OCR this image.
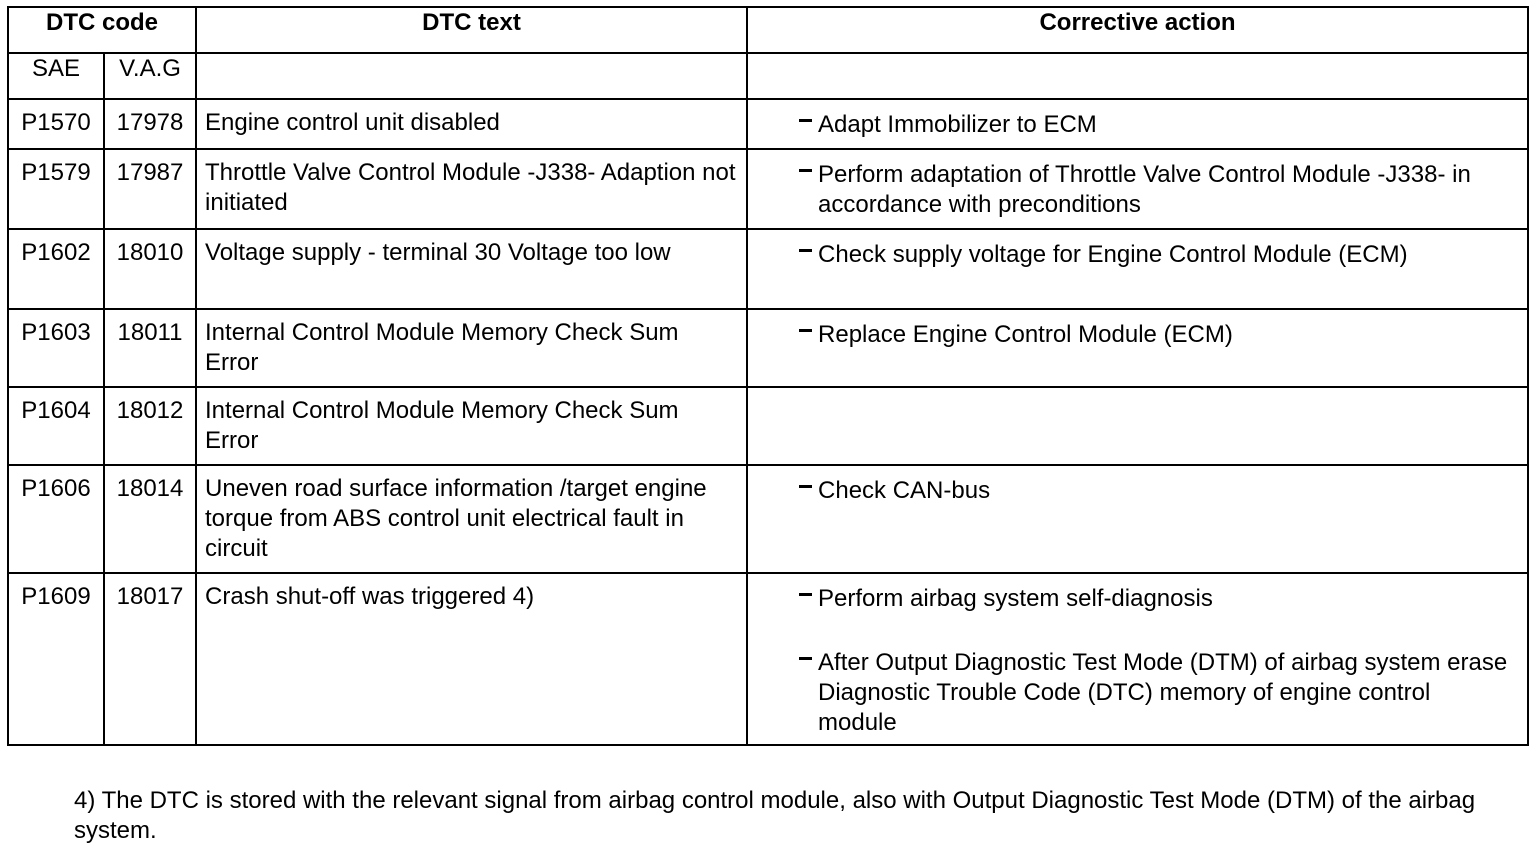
DTC code		DTC text	Corrective action
SAE	V.A.G		
P1570	17978	Engine control unit disabled	Adapt Immobilizer to ECM

P1579	17987	Throttle Valve Control Module -J338- Adaption not initiated	Perform adaptation of Throttle Valve Control Module -J338- in accordance with preconditions

P1602	18010	Voltage supply - terminal 30 Voltage too low	Check supply voltage for Engine Control Module (ECM)

P1603	18011	Internal Control Module Memory Check Sum Error	Replace Engine Control Module (ECM)

P1604	18012	Internal Control Module Memory Check Sum Error	
P1606	18014	Uneven road surface information /target engine torque from ABS control unit electrical fault in circuit	Check CAN-bus

P1609	18017	Crash shut-off was triggered 4)	Perform airbag system self-diagnosis
After Output Diagnostic Test Mode (DTM) of airbag system erase Diagnostic Trouble Code (DTC) memory of engine control module
4) The DTC is stored with the relevant signal from airbag control module, also with Output Diagnostic Test Mode (DTM) of the airbag system.
